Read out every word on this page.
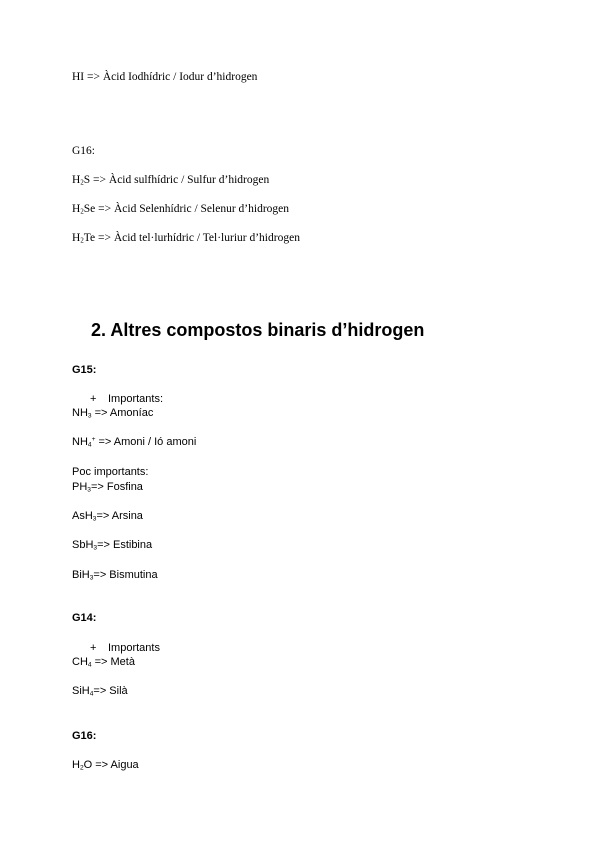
HI => Àcid Iodhídric / Iodur d’hidrogen
G16:
$H_2S$ => Àcid sulfhídric / Sulfur d’hidrogen
$H_2Se$ => Àcid Selenhídric / Selenur d’hidrogen
$H_2Te$ => Àcid tel·lurhídric / Tel·luriur d’hidrogen
2. Altres compostos binaris d’hidrogen
G15:
+ Importants:
$NH_3$ => Amoníac
$NH_4^+$ => Amoni / Ió amoni
Poc importants:
$PH_3=>$ Fosfina
AsH$_3$=> Arsina
SbH$_3$=> Estibina
BiH$_3$=> Bismutina
G14:
+ Importants
$CH_4$ => Metà
SiH$_4$=> Silà
G16:
$H_2O$ => Aigua
